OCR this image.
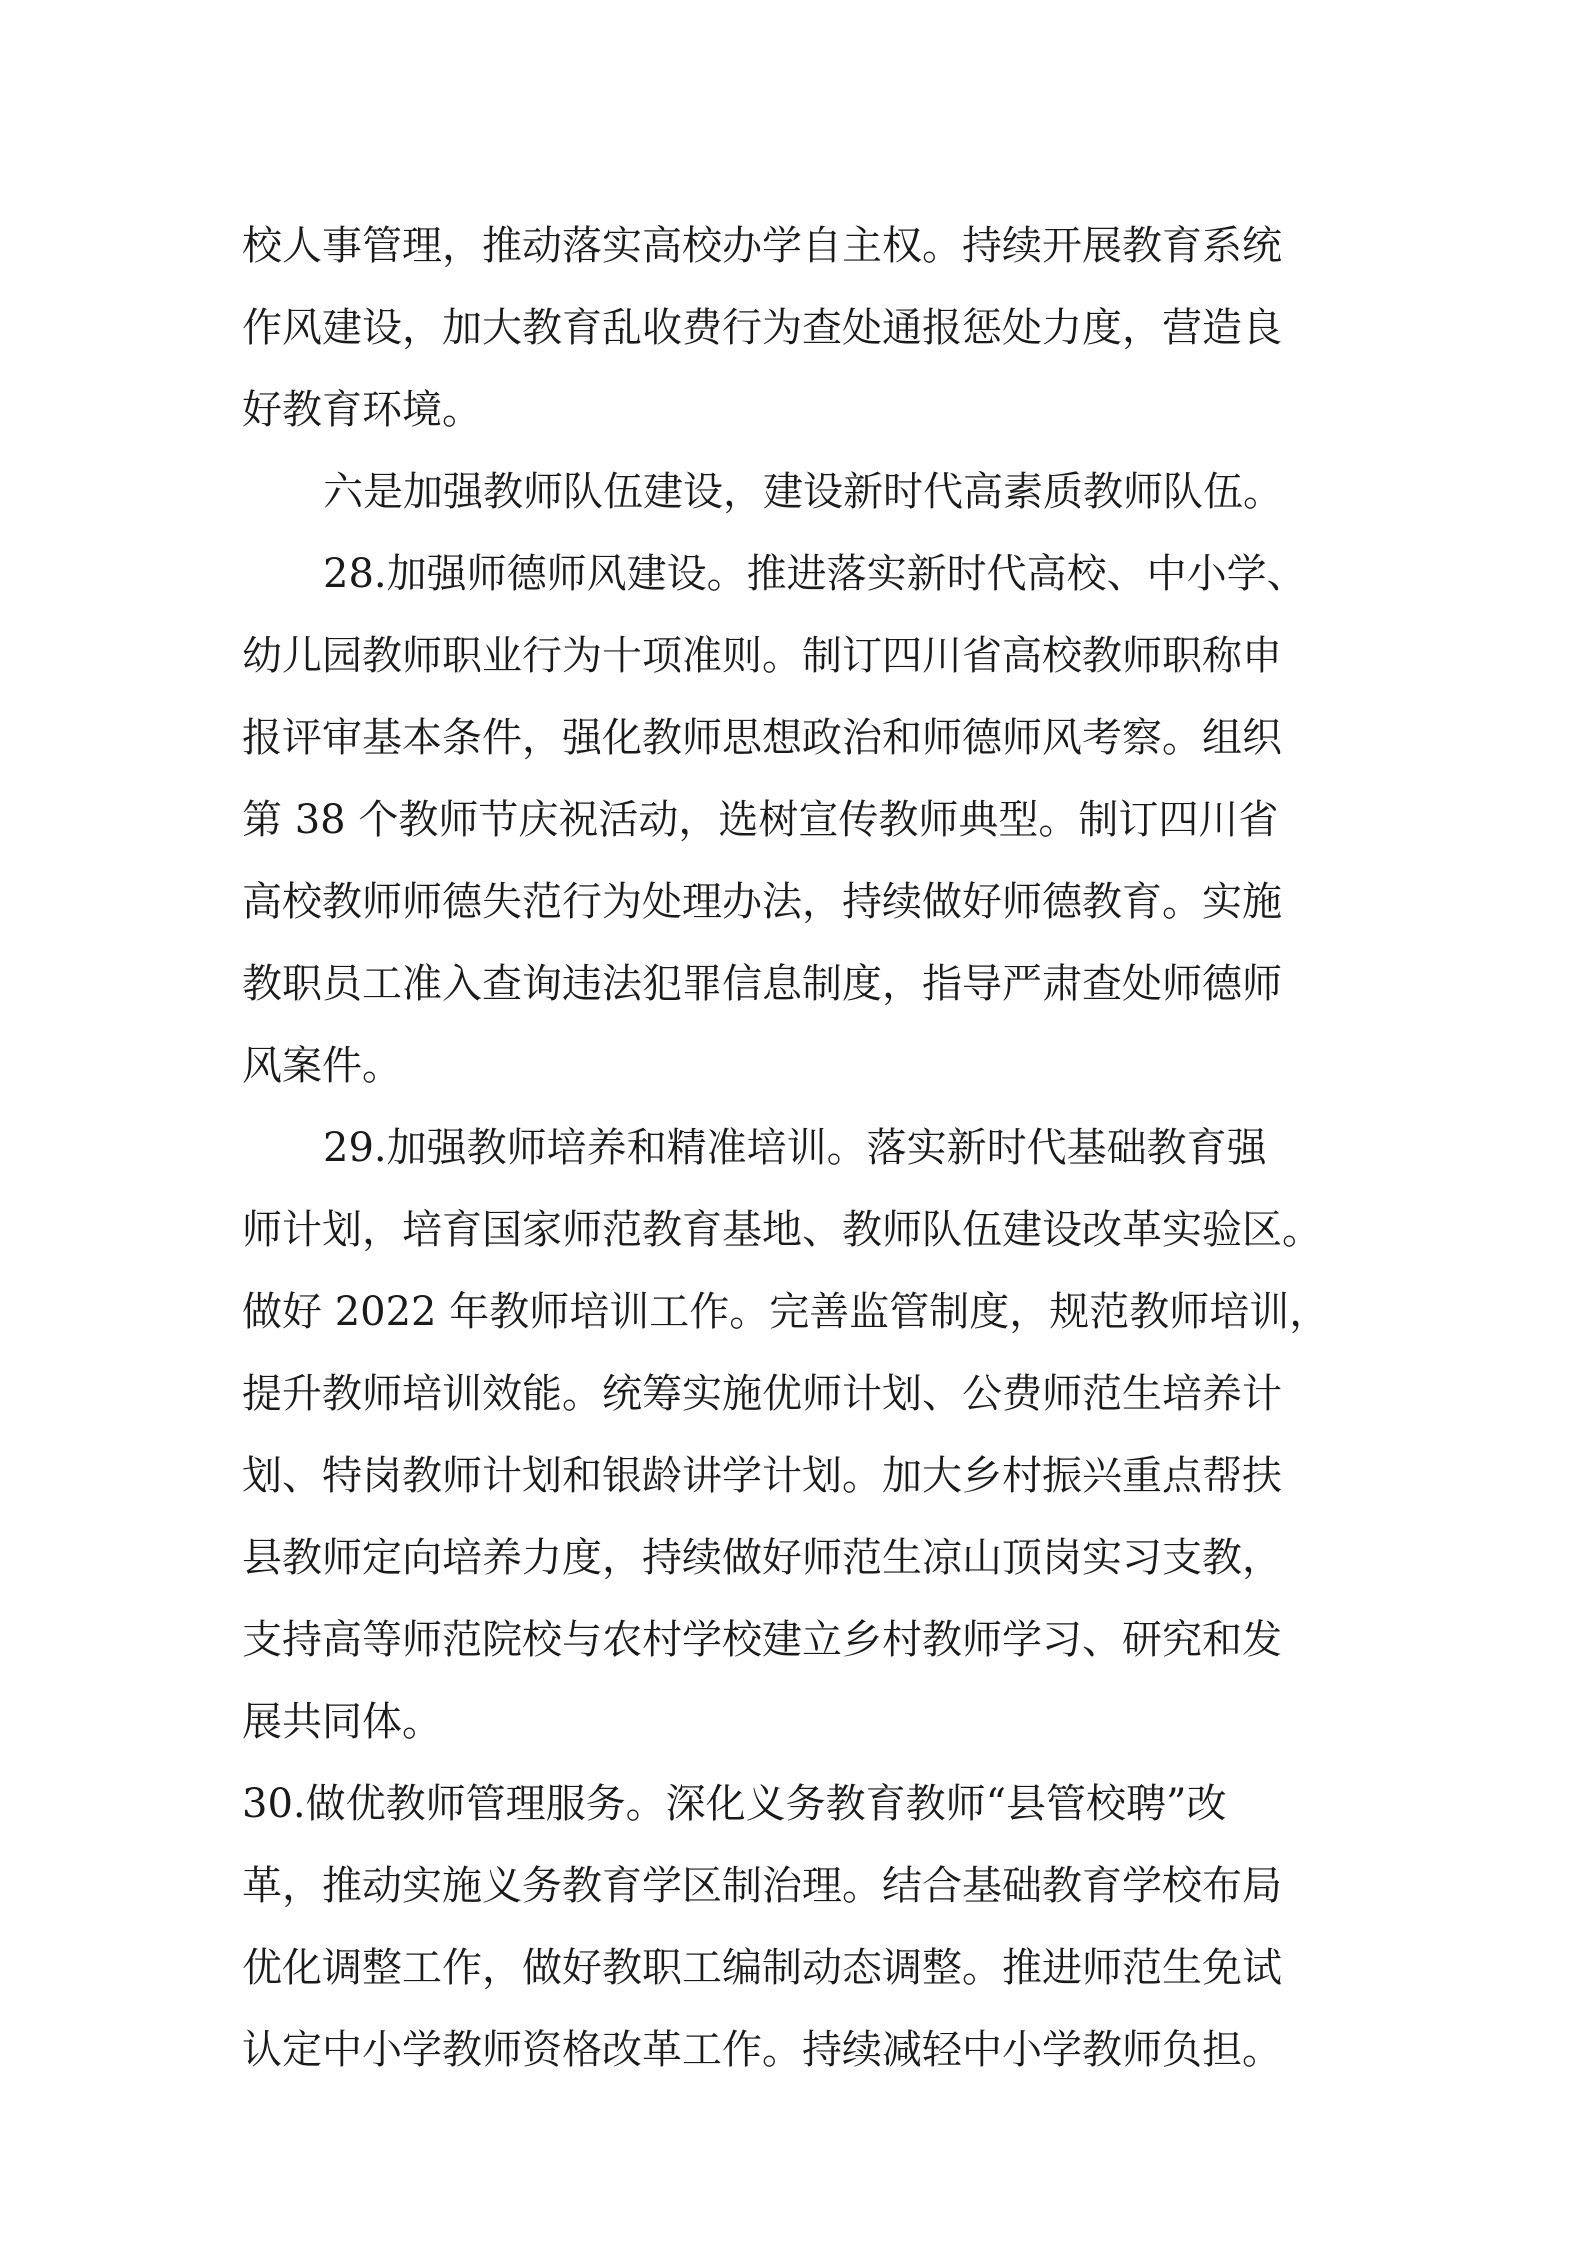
校人事管理，推动落实高校办学自主权。持续开展教育系统
作风建设，加大教育乱收费行为查处通报惩处力度，营造良
好教育环境。
六是加强教师队伍建设，建设新时代高素质教师队伍。
28.加强师德师风建设。推进落实新时代高校、中小学、
幼儿园教师职业行为十项准则。制订四川省高校教师职称申
报评审基本条件，强化教师思想政治和师德师风考察。组织
第 38 个教师节庆祝活动，选树宣传教师典型。制订四川省
高校教师师德失范行为处理办法，持续做好师德教育。实施
教职员工准入查询违法犯罪信息制度，指导严肃查处师德师
风案件。
29.加强教师培养和精准培训。落实新时代基础教育强
师计划，培育国家师范教育基地、教师队伍建设改革实验区。
做好 2022 年教师培训工作。完善监管制度，规范教师培训，
提升教师培训效能。统筹实施优师计划、公费师范生培养计
划、特岗教师计划和银龄讲学计划。加大乡村振兴重点帮扶
县教师定向培养力度，持续做好师范生凉山顶岗实习支教，
支持高等师范院校与农村学校建立乡村教师学习、研究和发
展共同体。
30.做优教师管理服务。深化义务教育教师“县管校聘”改
革，推动实施义务教育学区制治理。结合基础教育学校布局
优化调整工作，做好教职工编制动态调整。推进师范生免试
认定中小学教师资格改革工作。持续减轻中小学教师负担。
